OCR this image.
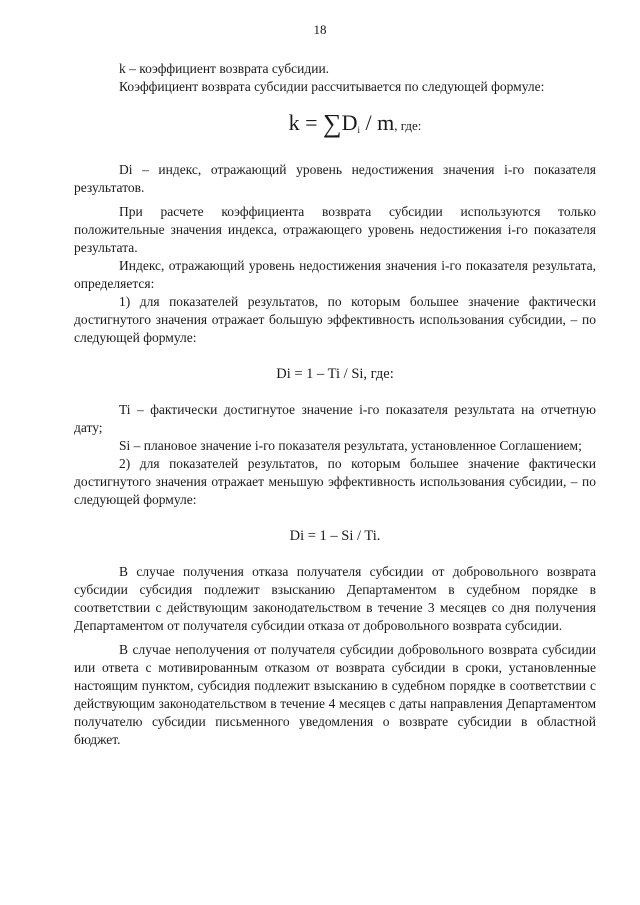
18

k – коэффициент возврата субсидии.

Коэффициент возврата субсидии рассчитывается по следующей формуле:

$k = \sum D_i / m$, где:

Di – индекс, отражающий уровень недостижения значения i-го показателя результатов.

При расчете коэффициента возврата субсидии используются только положительные значения индекса, отражающего уровень недостижения i-го показателя результата.

Индекс, отражающий уровень недостижения значения i-го показателя результата, определяется:

1) для показателей результатов, по которым большее значение фактически достигнутого значения отражает большую эффективность использования субсидии, – по следующей формуле:

Di = 1 – Ti / Si, где:

Ti – фактически достигнутое значение i-го показателя результата на отчетную дату;

Si – плановое значение i-го показателя результата, установленное Соглашением;

2) для показателей результатов, по которым большее значение фактически достигнутого значения отражает меньшую эффективность использования субсидии, – по следующей формуле:

Di = 1 – Si / Ti.

В случае получения отказа получателя субсидии от добровольного возврата субсидии субсидия подлежит взысканию Департаментом в судебном порядке в соответствии с действующим законодательством в течение 3 месяцев со дня получения Департаментом от получателя субсидии отказа от добровольного возврата субсидии.

В случае неполучения от получателя субсидии добровольного возврата субсидии или ответа с мотивированным отказом от возврата субсидии в сроки, установленные настоящим пунктом, субсидия подлежит взысканию в судебном порядке в соответствии с действующим законодательством в течение 4 месяцев с даты направления Департаментом получателю субсидии письменного уведомления о возврате субсидии в областной бюджет.
